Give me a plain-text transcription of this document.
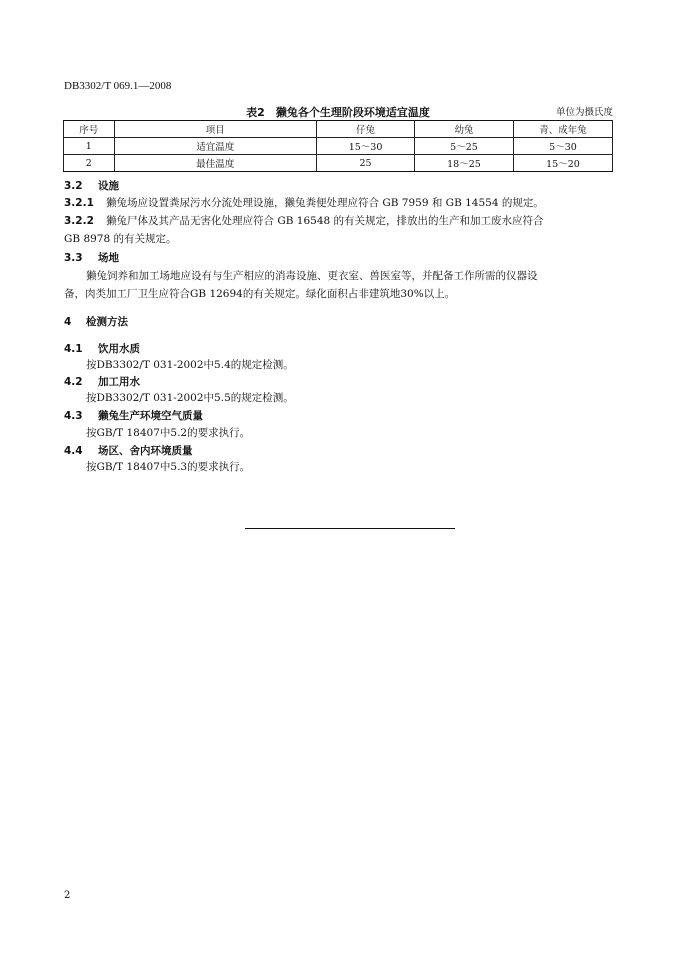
DB3302/T 069.1—2008
表2　獭兔各个生理阶段环境适宜温度	单位为摄氏度
序号	项目	仔兔	幼兔	青、成年兔
1	适宜温度	15～30	5～25	5～30
2	最佳温度	25	18～25	15～20
3.2 设施
3.2.1 獭兔场应设置粪尿污水分流处理设施，獭兔粪便处理应符合 GB 7959 和 GB 14554 的规定。
3.2.2 獭兔尸体及其产品无害化处理应符合 GB 16548 的有关规定，排放出的生产和加工废水应符合
GB 8978 的有关规定。
3.3 场地
獭兔饲养和加工场地应设有与生产相应的消毒设施、更衣室、兽医室等，并配备工作所需的仪器设
备，肉类加工厂卫生应符合GB 12694的有关规定。绿化面积占非建筑地30%以上。
4 检测方法
4.1 饮用水质
按DB3302/T 031-2002中5.4的规定检测。
4.2 加工用水
按DB3302/T 031-2002中5.5的规定检测。
4.3 獭兔生产环境空气质量
按GB/T 18407中5.2的要求执行。
4.4 场区、舍内环境质量
按GB/T 18407中5.3的要求执行。
2
